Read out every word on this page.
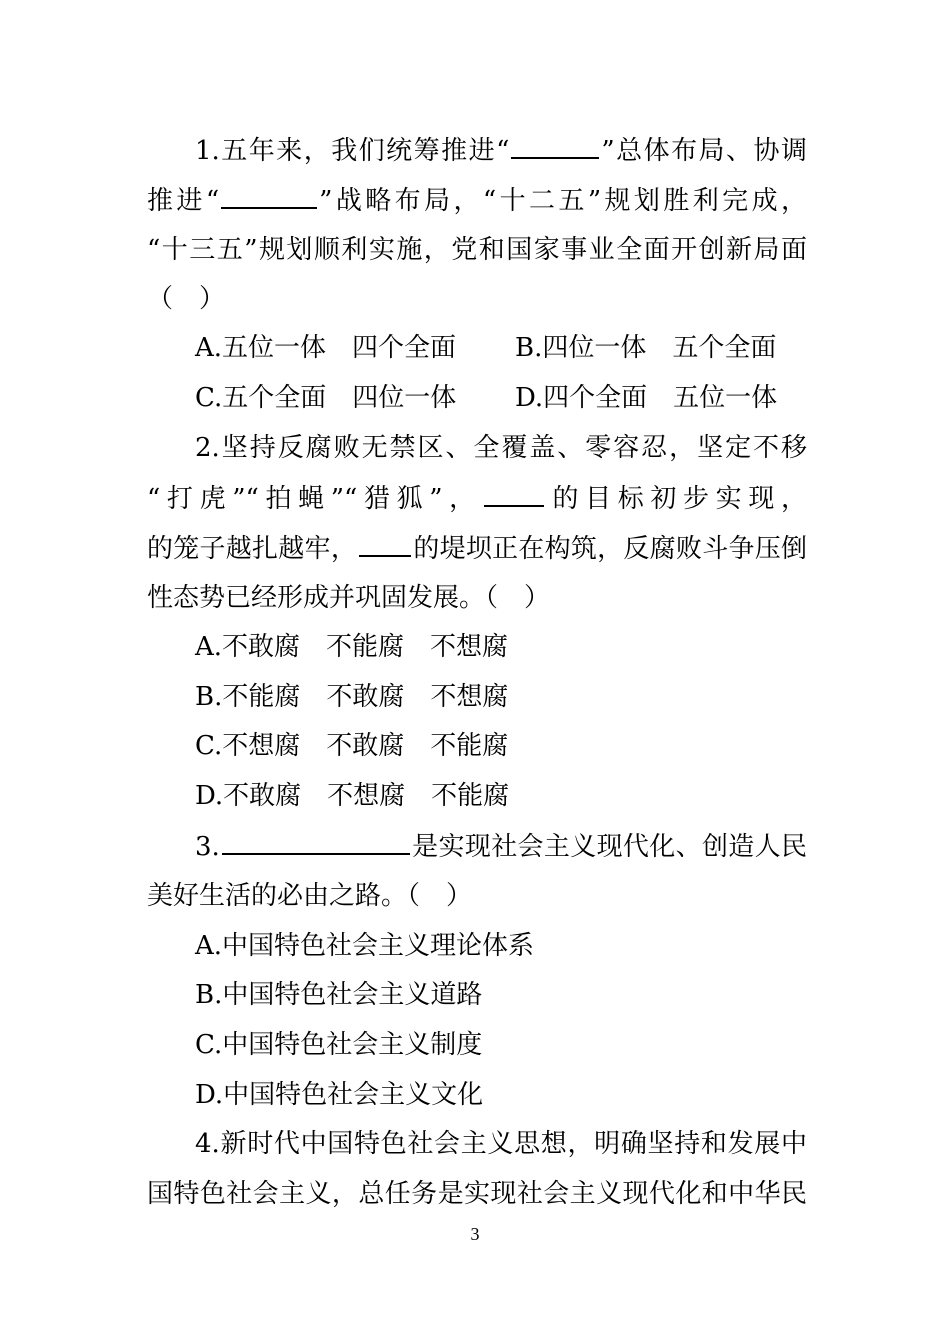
1.五年来，我们统筹推进“	”总体布局、协调
推进“	”战略布局，“十二五”规划胜利完成，
“十三五”规划顺利实施，党和国家事业全面开创新局面
（　）
A.五位一体　四个全面 B.四位一体　五个全面
C.五个全面　四位一体 D.四个全面　五位一体
2.坚持反腐败无禁区、全覆盖、零容忍，坚定不移
“打虎”“拍蝇”“猎狐”， 的目标初步实现，
的笼子越扎越牢， 的堤坝正在构筑，反腐败斗争压倒
性态势已经形成并巩固发展。（　）
A.不敢腐　不能腐　不想腐
B.不能腐　不敢腐　不想腐
C.不想腐　不敢腐　不能腐
D.不敢腐　不想腐　不能腐
3.	是实现社会主义现代化、创造人民
美好生活的必由之路。（　）
A.中国特色社会主义理论体系
B.中国特色社会主义道路
C.中国特色社会主义制度
D.中国特色社会主义文化
4.新时代中国特色社会主义思想，明确坚持和发展中
国特色社会主义，总任务是实现社会主义现代化和中华民
3
